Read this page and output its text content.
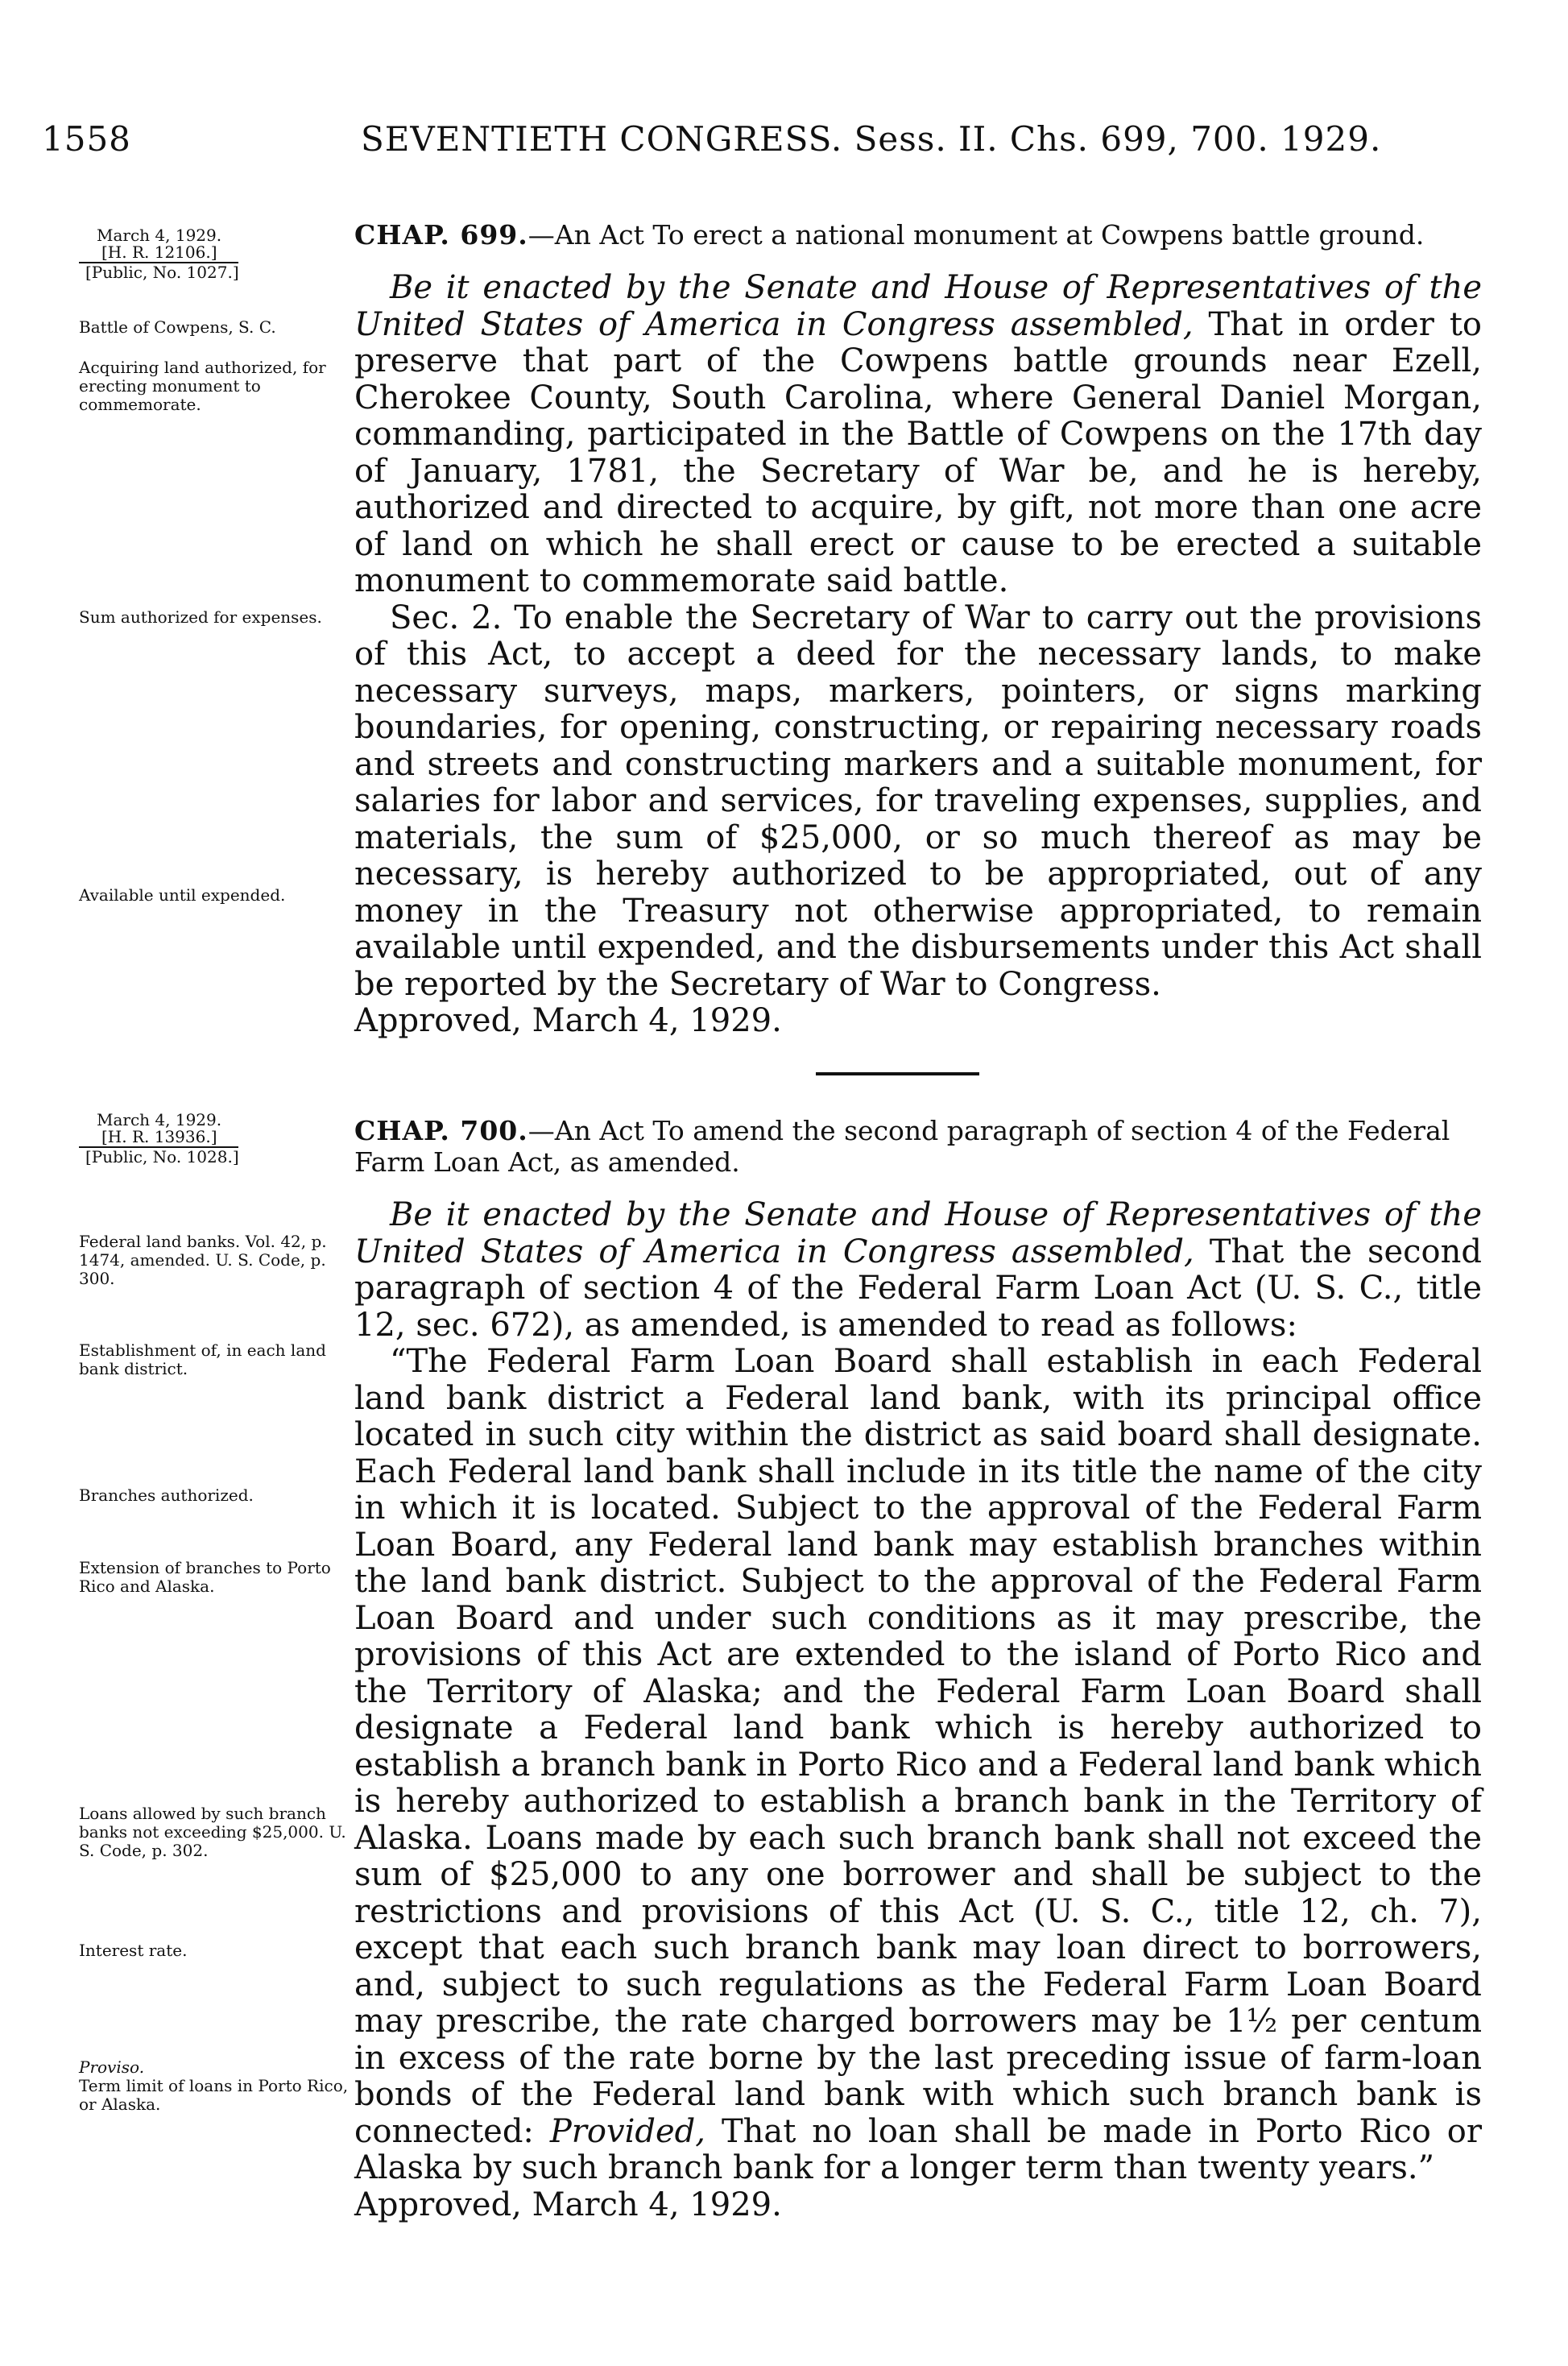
1558	SEVENTIETH CONGRESS. Sess. II. Chs. 699, 700. 1929.
March 4, 1929.
[H. R. 12106.]
[Public, No. 1027.]
Battle of Cowpens, S. C.
Acquiring land authorized, for erecting monument to commemorate.
Sum authorized for expenses.
Available until expended.

CHAP. 699.—An Act To erect a national monument at Cowpens battle ground.

Be it enacted by the Senate and House of Representatives of the United States of America in Congress assembled, That in order to preserve that part of the Cowpens battle grounds near Ezell, Cherokee County, South Carolina, where General Daniel Morgan, commanding, participated in the Battle of Cowpens on the 17th day of January, 1781, the Secretary of War be, and he is hereby, authorized and directed to acquire, by gift, not more than one acre of land on which he shall erect or cause to be erected a suitable monument to commemorate said battle.

Sec. 2. To enable the Secretary of War to carry out the provisions of this Act, to accept a deed for the necessary lands, to make necessary surveys, maps, markers, pointers, or signs marking boundaries, for opening, constructing, or repairing necessary roads and streets and constructing markers and a suitable monument, for salaries for labor and services, for traveling expenses, supplies, and materials, the sum of $25,000, or so much thereof as may be necessary, is hereby authorized to be appropriated, out of any money in the Treasury not otherwise appropriated, to remain available until expended, and the disbursements under this Act shall be reported by the Secretary of War to Congress.

Approved, March 4, 1929.

March 4, 1929.
[H. R. 13936.]
[Public, No. 1028.]
Federal land banks. Vol. 42, p. 1474, amended. U. S. Code, p. 300.
Establishment of, in each land bank district.
Branches authorized.
Extension of branches to Porto Rico and Alaska.
Loans allowed by such branch banks not exceeding $25,000. U. S. Code, p. 302.
Interest rate.
Proviso.
Term limit of loans in Porto Rico, or Alaska.

CHAP. 700.—An Act To amend the second paragraph of section 4 of the Federal Farm Loan Act, as amended.

Be it enacted by the Senate and House of Representatives of the United States of America in Congress assembled, That the second paragraph of section 4 of the Federal Farm Loan Act (U. S. C., title 12, sec. 672), as amended, is amended to read as follows:

“The Federal Farm Loan Board shall establish in each Federal land bank district a Federal land bank, with its principal office located in such city within the district as said board shall designate. Each Federal land bank shall include in its title the name of the city in which it is located. Subject to the approval of the Federal Farm Loan Board, any Federal land bank may establish branches within the land bank district. Subject to the approval of the Federal Farm Loan Board and under such conditions as it may prescribe, the provisions of this Act are extended to the island of Porto Rico and the Territory of Alaska; and the Federal Farm Loan Board shall designate a Federal land bank which is hereby authorized to establish a branch bank in Porto Rico and a Federal land bank which is hereby authorized to establish a branch bank in the Territory of Alaska. Loans made by each such branch bank shall not exceed the sum of $25,000 to any one borrower and shall be subject to the restrictions and provisions of this Act (U. S. C., title 12, ch. 7), except that each such branch bank may loan direct to borrowers, and, subject to such regulations as the Federal Farm Loan Board may prescribe, the rate charged borrowers may be 1½ per centum in excess of the rate borne by the last preceding issue of farm-loan bonds of the Federal land bank with which such branch bank is connected: Provided, That no loan shall be made in Porto Rico or Alaska by such branch bank for a longer term than twenty years.”

Approved, March 4, 1929.
